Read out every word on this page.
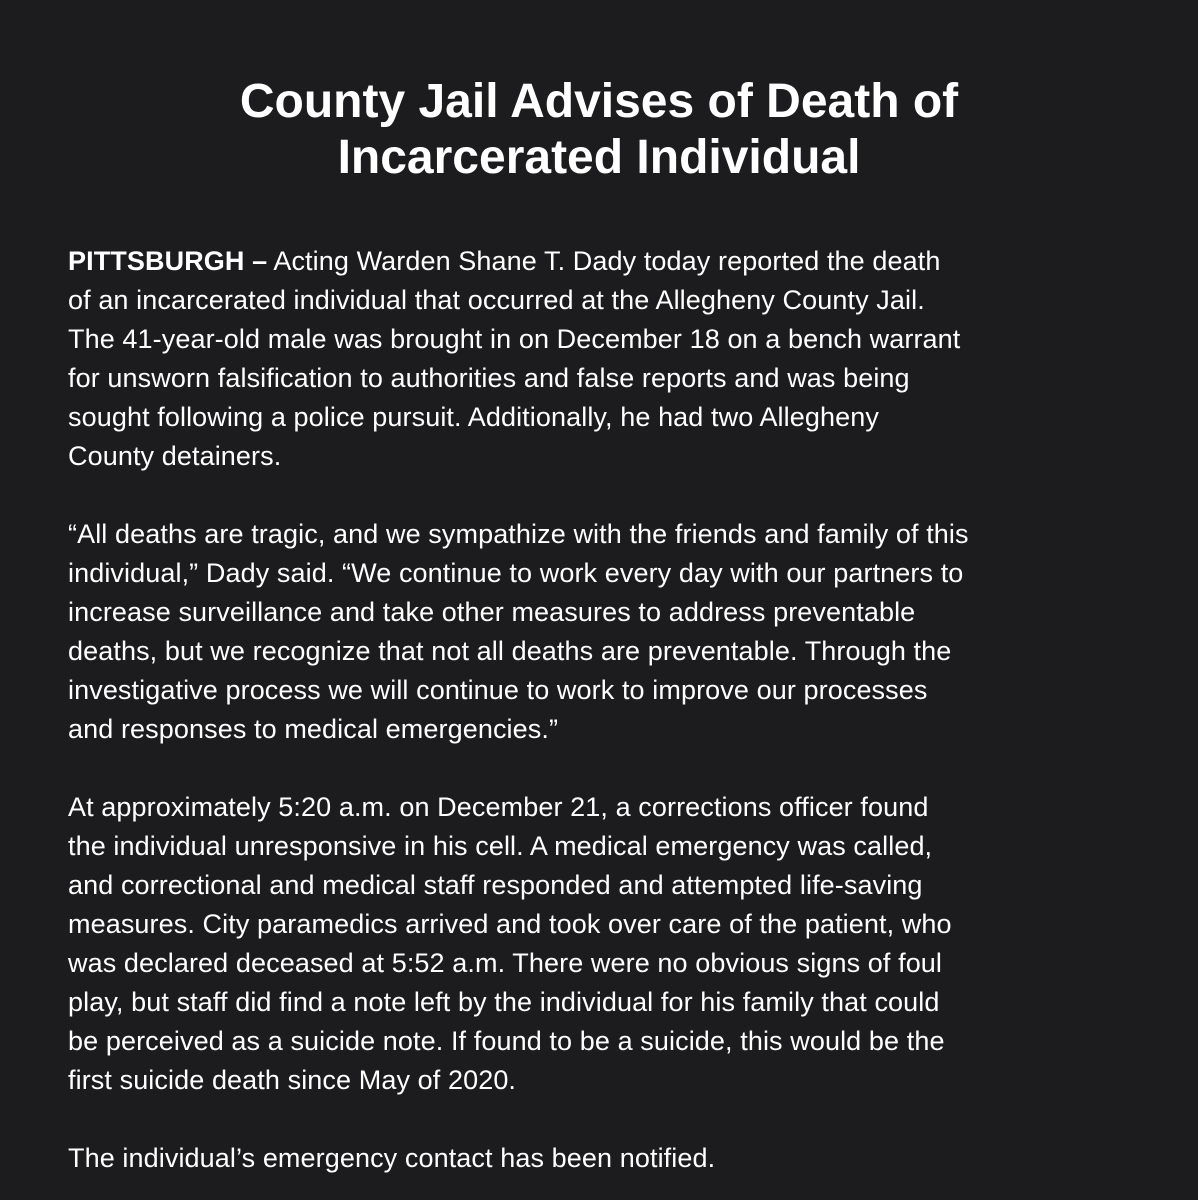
County Jail Advises of Death of
Incarcerated Individual

PITTSBURGH – Acting Warden Shane T. Dady today reported the death
of an incarcerated individual that occurred at the Allegheny County Jail.
The 41-year-old male was brought in on December 18 on a bench warrant
for unsworn falsification to authorities and false reports and was being
sought following a police pursuit. Additionally, he had two Allegheny
County detainers.

“All deaths are tragic, and we sympathize with the friends and family of this
individual,” Dady said. “We continue to work every day with our partners to
increase surveillance and take other measures to address preventable
deaths, but we recognize that not all deaths are preventable. Through the
investigative process we will continue to work to improve our processes
and responses to medical emergencies.”

At approximately 5:20 a.m. on December 21, a corrections officer found
the individual unresponsive in his cell. A medical emergency was called,
and correctional and medical staff responded and attempted life-saving
measures. City paramedics arrived and took over care of the patient, who
was declared deceased at 5:52 a.m. There were no obvious signs of foul
play, but staff did find a note left by the individual for his family that could
be perceived as a suicide note. If found to be a suicide, this would be the
first suicide death since May of 2020.

The individual’s emergency contact has been notified.
